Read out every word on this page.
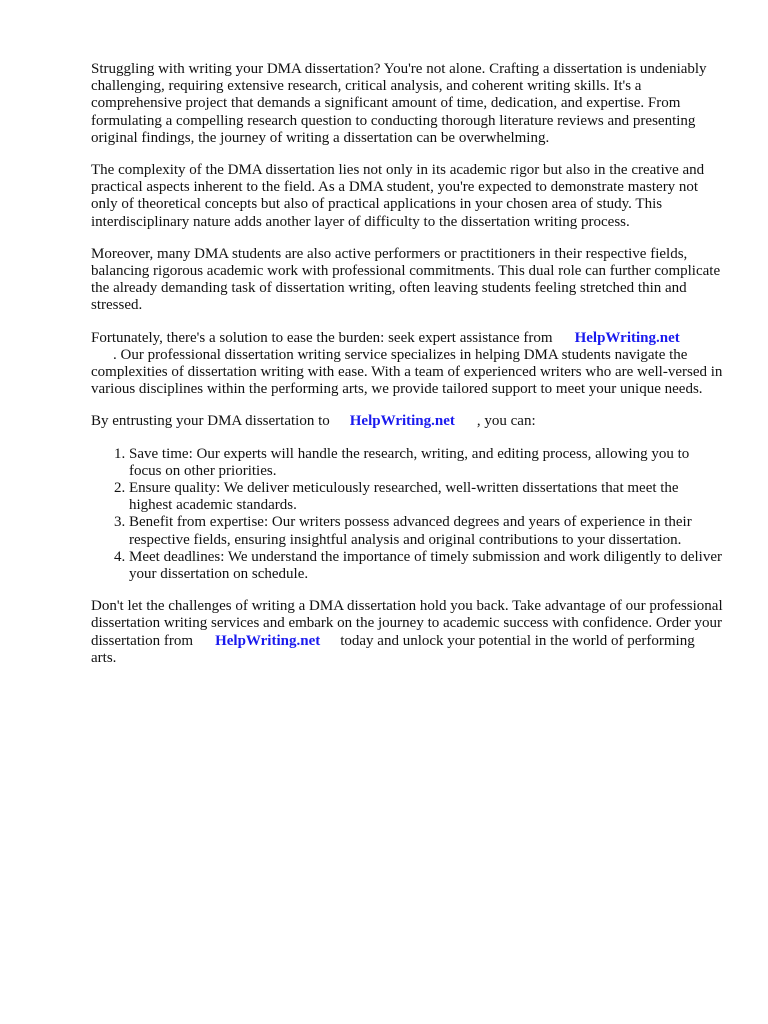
Struggling with writing your DMA dissertation? You're not alone. Crafting a dissertation is undeniably challenging, requiring extensive research, critical analysis, and coherent writing skills. It's a comprehensive project that demands a significant amount of time, dedication, and expertise. From formulating a compelling research question to conducting thorough literature reviews and presenting original findings, the journey of writing a dissertation can be overwhelming.

The complexity of the DMA dissertation lies not only in its academic rigor but also in the creative and practical aspects inherent to the field. As a DMA student, you're expected to demonstrate mastery not only of theoretical concepts but also of practical applications in your chosen area of study. This interdisciplinary nature adds another layer of difficulty to the dissertation writing process.

Moreover, many DMA students are also active performers or practitioners in their respective fields, balancing rigorous academic work with professional commitments. This dual role can further complicate the already demanding task of dissertation writing, often leaving students feeling stretched thin and stressed.

Fortunately, there's a solution to ease the burden: seek expert assistance from HelpWriting.net
. Our professional dissertation writing service specializes in helping DMA students navigate the complexities of dissertation writing with ease. With a team of experienced writers who are well-versed in various disciplines within the performing arts, we provide tailored support to meet your unique needs.

By entrusting your DMA dissertation to HelpWriting.net , you can:

1. Save time: Our experts will handle the research, writing, and editing process, allowing you to focus on other priorities.
2. Ensure quality: We deliver meticulously researched, well-written dissertations that meet the highest academic standards.
3. Benefit from expertise: Our writers possess advanced degrees and years of experience in their respective fields, ensuring insightful analysis and original contributions to your dissertation.
4. Meet deadlines: We understand the importance of timely submission and work diligently to deliver your dissertation on schedule.

Don't let the challenges of writing a DMA dissertation hold you back. Take advantage of our professional dissertation writing services and embark on the journey to academic success with confidence. Order your dissertation from HelpWriting.net today and unlock your potential in the world of performing arts.
